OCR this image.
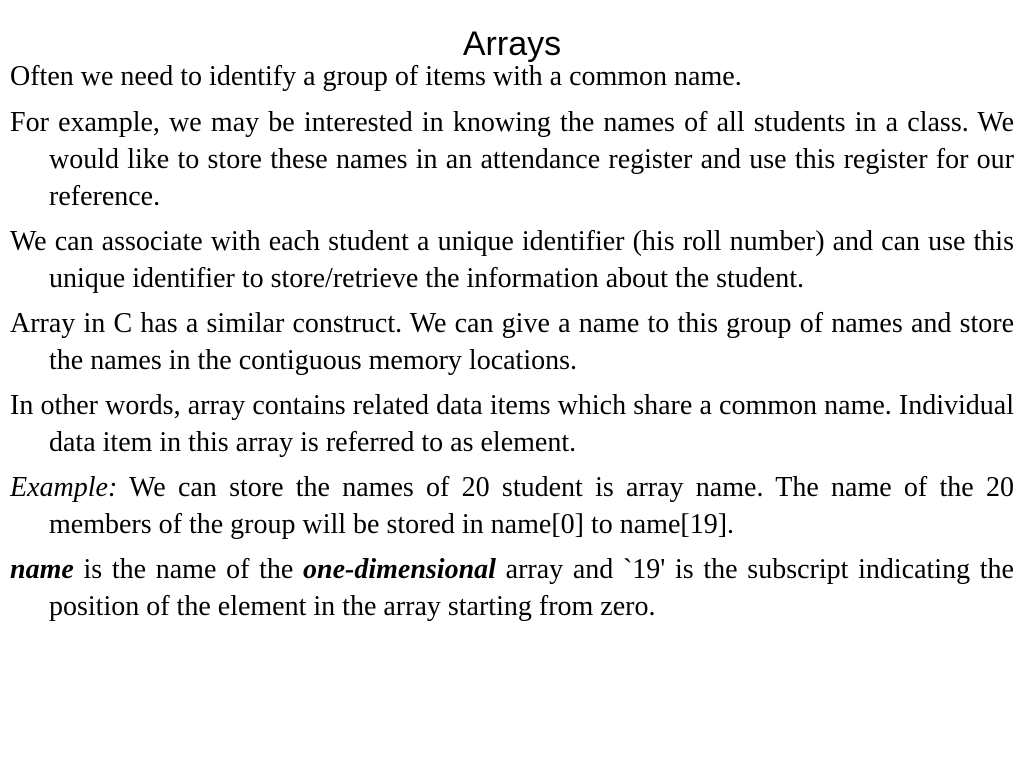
Arrays

Often we need to identify a group of items with a common name.

For example, we may be interested in knowing the names of all students in a class. We would like to store these names in an attendance register and use this register for our reference.

We can associate with each student a unique identifier (his roll number) and can use this unique identifier to store/retrieve the information about the student.

Array in C has a similar construct. We can give a name to this group of names and store the names in the contiguous memory locations.

In other words, array contains related data items which share a common name. Individual data item in this array is referred to as element.

Example: We can store the names of 20 student is array name. The name of the 20 members of the group will be stored in name[0] to name[19].

name is the name of the one-dimensional array and `19' is the subscript indicating the position of the element in the array starting from zero.
